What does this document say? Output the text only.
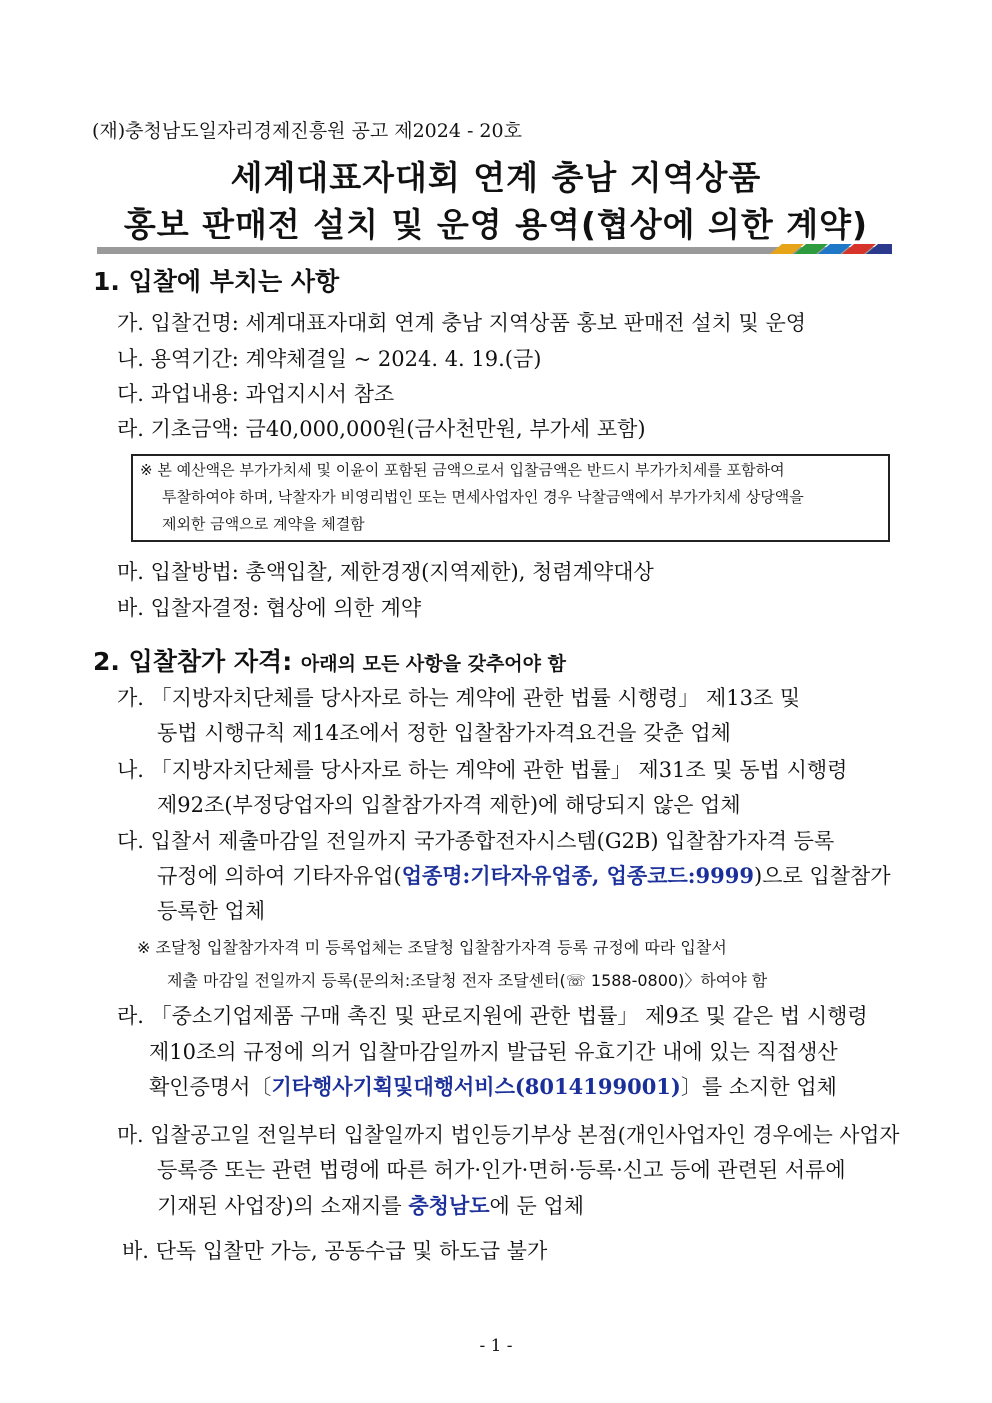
(재)충청남도일자리경제진흥원 공고 제2024 - 20호
세계대표자대회 연계 충남 지역상품
홍보 판매전 설치 및 운영 용역(협상에 의한 계약)
1. 입찰에 부치는 사항
가. 입찰건명: 세계대표자대회 연계 충남 지역상품 홍보 판매전 설치 및 운영
나. 용역기간: 계약체결일 ~ 2024. 4. 19.(금)
다. 과업내용: 과업지시서 참조
라. 기초금액: 금40,000,000원(금사천만원, 부가세 포함)
※ 본 예산액은 부가가치세 및 이윤이 포함된 금액으로서 입찰금액은 반드시 부가가치세를 포함하여
투찰하여야 하며, 낙찰자가 비영리법인 또는 면세사업자인 경우 낙찰금액에서 부가가치세 상당액을
제외한 금액으로 계약을 체결함
마. 입찰방법: 총액입찰, 제한경쟁(지역제한), 청렴계약대상
바. 입찰자결정: 협상에 의한 계약
2. 입찰참가 자격: 아래의 모든 사항을 갖추어야 함
가. 「지방자치단체를 당사자로 하는 계약에 관한 법률 시행령」 제13조 및
동법 시행규칙 제14조에서 정한 입찰참가자격요건을 갖춘 업체
나. 「지방자치단체를 당사자로 하는 계약에 관한 법률」 제31조 및 동법 시행령
제92조(부정당업자의 입찰참가자격 제한)에 해당되지 않은 업체
다. 입찰서 제출마감일 전일까지 국가종합전자시스템(G2B) 입찰참가자격 등록
규정에 의하여 기타자유업(업종명:기타자유업종, 업종코드:9999)으로 입찰참가
등록한 업체
※ 조달청 입찰참가자격 미 등록업체는 조달청 입찰참가자격 등록 규정에 따라 입찰서
제출 마감일 전일까지 등록(문의처:조달청 전자 조달센터(☏ 1588-0800)〉하여야 함
라. 「중소기업제품 구매 촉진 및 판로지원에 관한 법률」 제9조 및 같은 법 시행령
제10조의 규정에 의거 입찰마감일까지 발급된 유효기간 내에 있는 직접생산
확인증명서〔기타행사기획및대행서비스(8014199001)〕를 소지한 업체
마. 입찰공고일 전일부터 입찰일까지 법인등기부상 본점(개인사업자인 경우에는 사업자
등록증 또는 관련 법령에 따른 허가·인가·면허·등록·신고 등에 관련된 서류에
기재된 사업장)의 소재지를 충청남도에 둔 업체
바. 단독 입찰만 가능, 공동수급 및 하도급 불가
- 1 -
